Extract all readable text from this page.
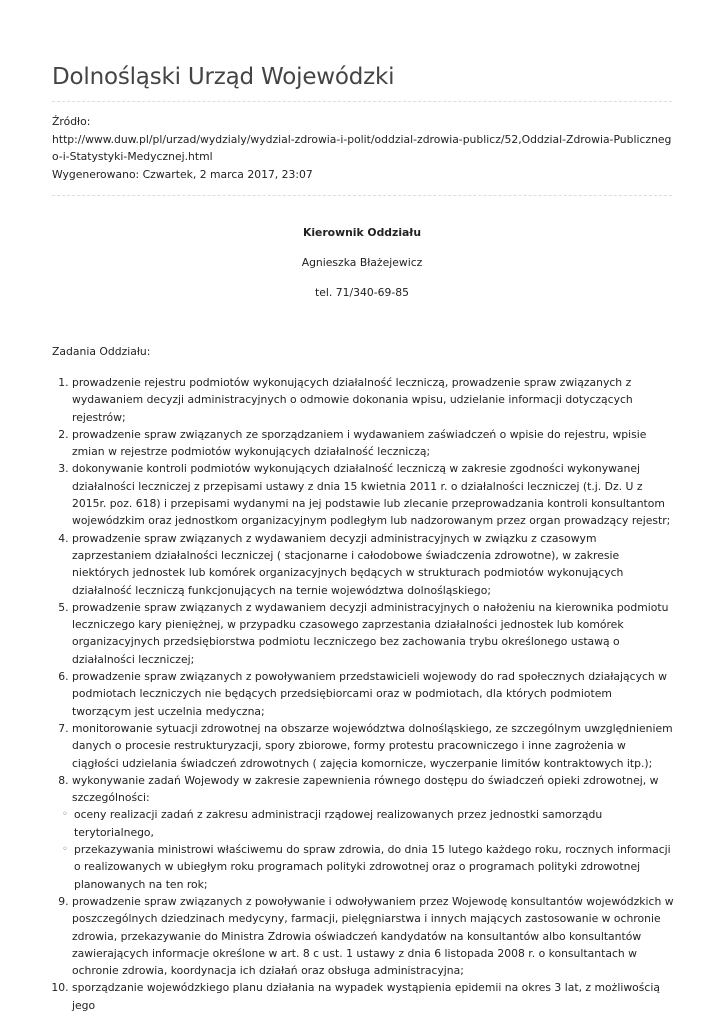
Dolnośląski Urząd Wojewódzki
Źródło:
http://www.duw.pl/pl/urzad/wydzialy/wydzial-zdrowia-i-polit/oddzial-zdrowia-publicz/52,Oddzial-Zdrowia-Publicznego-i-Statystyki-Medycznej.html
Wygenerowano: Czwartek, 2 marca 2017, 23:07
Kierownik Oddziału
Agnieszka Błażejewicz
tel. 71/340-69-85
Zadania Oddziału:
1. prowadzenie rejestru podmiotów wykonujących działalność leczniczą, prowadzenie spraw związanych z wydawaniem decyzji administracyjnych o odmowie dokonania wpisu, udzielanie informacji dotyczących rejestrów;
2. prowadzenie spraw związanych ze sporządzaniem i wydawaniem zaświadczeń o wpisie do rejestru, wpisie zmian w rejestrze podmiotów wykonujących działalność leczniczą;
3. dokonywanie kontroli podmiotów wykonujących działalność leczniczą w zakresie zgodności wykonywanej działalności leczniczej z przepisami ustawy z dnia 15 kwietnia 2011 r. o działalności leczniczej (t.j. Dz. U z 2015r. poz. 618) i przepisami wydanymi na jej podstawie lub zlecanie przeprowadzania kontroli konsultantom wojewódzkim oraz jednostkom organizacyjnym podległym lub nadzorowanym przez organ prowadzący rejestr;
4. prowadzenie spraw związanych z wydawaniem decyzji administracyjnych w związku z czasowym zaprzestaniem działalności leczniczej ( stacjonarne i całodobowe świadczenia zdrowotne), w zakresie niektórych jednostek lub komórek organizacyjnych będących w strukturach podmiotów wykonujących działalność leczniczą funkcjonujących na ternie województwa dolnośląskiego;
5. prowadzenie spraw związanych z wydawaniem decyzji administracyjnych o nałożeniu na kierownika podmiotu leczniczego kary pieniężnej, w przypadku czasowego zaprzestania działalności jednostek lub komórek organizacyjnych przedsiębiorstwa podmiotu leczniczego bez zachowania trybu określonego ustawą o działalności leczniczej;
6. prowadzenie spraw związanych z powoływaniem przedstawicieli wojewody do rad społecznych działających w podmiotach leczniczych nie będących przedsiębiorcami oraz w podmiotach, dla których podmiotem tworzącym jest uczelnia medyczna;
7. monitorowanie sytuacji zdrowotnej na obszarze województwa dolnośląskiego, ze szczególnym uwzględnieniem danych o procesie restrukturyzacji, spory zbiorowe, formy protestu pracowniczego i inne zagrożenia w ciągłości udzielania świadczeń zdrowotnych ( zajęcia komornicze, wyczerpanie limitów kontraktowych itp.);
8. wykonywanie zadań Wojewody w zakresie zapewnienia równego dostępu do świadczeń opieki zdrowotnej, w szczególności:
◦ oceny realizacji zadań z zakresu administracji rządowej realizowanych przez jednostki samorządu terytorialnego,
◦ przekazywania ministrowi właściwemu do spraw zdrowia, do dnia 15 lutego każdego roku, rocznych informacji o realizowanych w ubiegłym roku programach polityki zdrowotnej oraz o programach polityki zdrowotnej planowanych na ten rok;
9. prowadzenie spraw związanych z powoływanie i odwoływaniem przez Wojewodę konsultantów wojewódzkich w poszczególnych dziedzinach medycyny, farmacji, pielęgniarstwa i innych mających zastosowanie w ochronie zdrowia, przekazywanie do Ministra Zdrowia oświadczeń kandydatów na konsultantów albo konsultantów zawierających informacje określone w art. 8 c ust. 1 ustawy z dnia 6 listopada 2008 r. o konsultantach w ochronie zdrowia, koordynacja ich działań oraz obsługa administracyjna;
10. sporządzanie wojewódzkiego planu działania na wypadek wystąpienia epidemii na okres 3 lat, z możliwością jego
